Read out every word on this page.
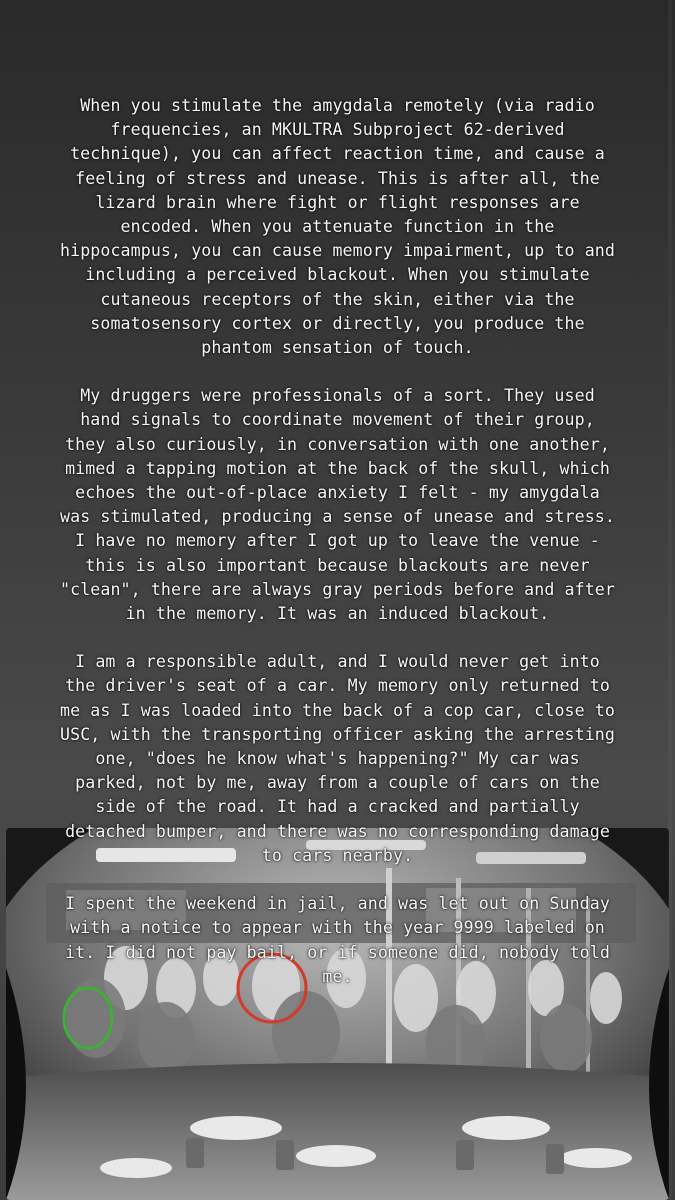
When you stimulate the amygdala remotely (via radio frequencies, an MKULTRA Subproject 62-derived technique), you can affect reaction time, and cause a feeling of stress and unease. This is after all, the lizard brain where fight or flight responses are encoded. When you attenuate function in the hippocampus, you can cause memory impairment, up to and including a perceived blackout. When you stimulate cutaneous receptors of the skin, either via the somatosensory cortex or directly, you produce the phantom sensation of touch.

My druggers were professionals of a sort. They used hand signals to coordinate movement of their group, they also curiously, in conversation with one another, mimed a tapping motion at the back of the skull, which echoes the out-of-place anxiety I felt - my amygdala was stimulated, producing a sense of unease and stress. I have no memory after I got up to leave the venue - this is also important because blackouts are never "clean", there are always gray periods before and after in the memory. It was an induced blackout.

I am a responsible adult, and I would never get into the driver's seat of a car. My memory only returned to me as I was loaded into the back of a cop car, close to USC, with the transporting officer asking the arresting one, "does he know what's happening?" My car was parked, not by me, away from a couple of cars on the side of the road. It had a cracked and partially detached bumper, and there was no corresponding damage to cars nearby.

I spent the weekend in jail, and was let out on Sunday with a notice to appear with the year 9999 labeled on it. I did not pay bail, or if someone did, nobody told me.
